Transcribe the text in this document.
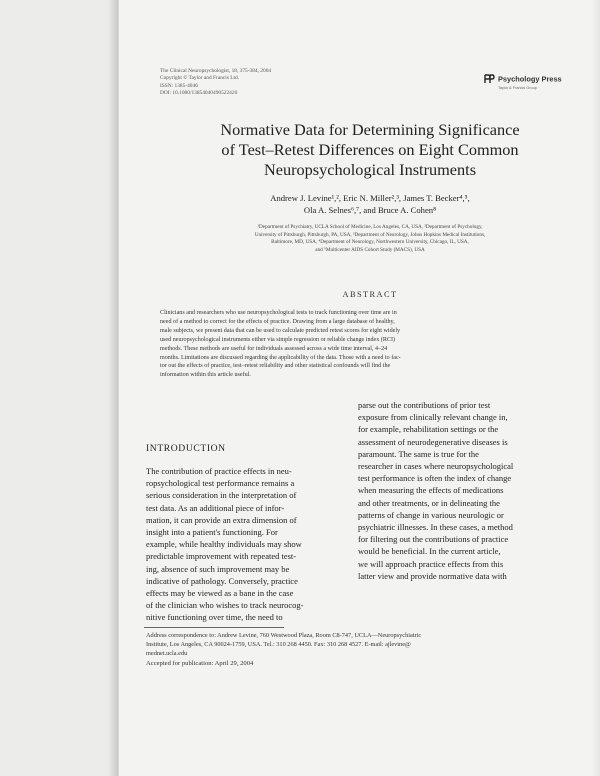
The Clinical Neuropsychologist, 18, 375-384, 2004
Copyright © Taylor and Francis Ltd.
ISSN: 1385-4046
DOI: 10.1080/13854040490522420
Psychology Press
Taylor & Francis Group
Normative Data for Determining Significance
of Test–Retest Differences on Eight Common
Neuropsychological Instruments
Andrew J. Levine¹,², Eric N. Miller²,³, James T. Becker⁴,⁵,
Ola A. Selnes⁶,⁷, and Bruce A. Cohen⁸
¹Department of Psychiatry, UCLA School of Medicine, Los Angeles, CA, USA, ²Department of Psychology,
University of Pittsburgh, Pittsburgh, PA, USA, ³Department of Neurology, Johns Hopkins Medical Institutions,
Baltimore, MD, USA, ⁴Department of Neurology, Northwestern University, Chicago, IL, USA,
and ⁵Multicenter AIDS Cohort Study (MACS), USA
ABSTRACT
Clinicians and researchers who use neuropsychological tests to track functioning over time are in
need of a method to correct for the effects of practice. Drawing from a large database of healthy,
male subjects, we present data that can be used to calculate predicted retest scores for eight widely
used neuropsychological instruments either via simple regression or reliable change index (RCI)
methods. These methods are useful for individuals assessed across a wide time interval, 4–24
months. Limitations are discussed regarding the applicability of the data. Those with a need to fac-
tor out the effects of practice, test–retest reliability and other statistical confounds will find the
information within this article useful.
INTRODUCTION
The contribution of practice effects in neu-
ropsychological test performance remains a
serious consideration in the interpretation of
test data. As an additional piece of infor-
mation, it can provide an extra dimension of
insight into a patient's functioning. For
example, while healthy individuals may show
predictable improvement with repeated test-
ing, absence of such improvement may be
indicative of pathology. Conversely, practice
effects may be viewed as a bane in the case
of the clinician who wishes to track neurocog-
nitive functioning over time, the need to
parse out the contributions of prior test
exposure from clinically relevant change in,
for example, rehabilitation settings or the
assessment of neurodegenerative diseases is
paramount. The same is true for the
researcher in cases where neuropsychological
test performance is often the index of change
when measuring the effects of medications
and other treatments, or in delineating the
patterns of change in various neurologic or
psychiatric illnesses. In these cases, a method
for filtering out the contributions of practice
would be beneficial. In the current article,
we will approach practice effects from this
latter view and provide normative data with
Address correspondence to: Andrew Levine, 760 Westwood Plaza, Room C8-747, UCLA—Neuropsychiatric
Institute, Los Angeles, CA 90024-1759, USA. Tel.: 310 268 4450. Fax: 310 268 4527. E-mail: ajlevine@
mednet.ucla.edu
Accepted for publication: April 29, 2004
